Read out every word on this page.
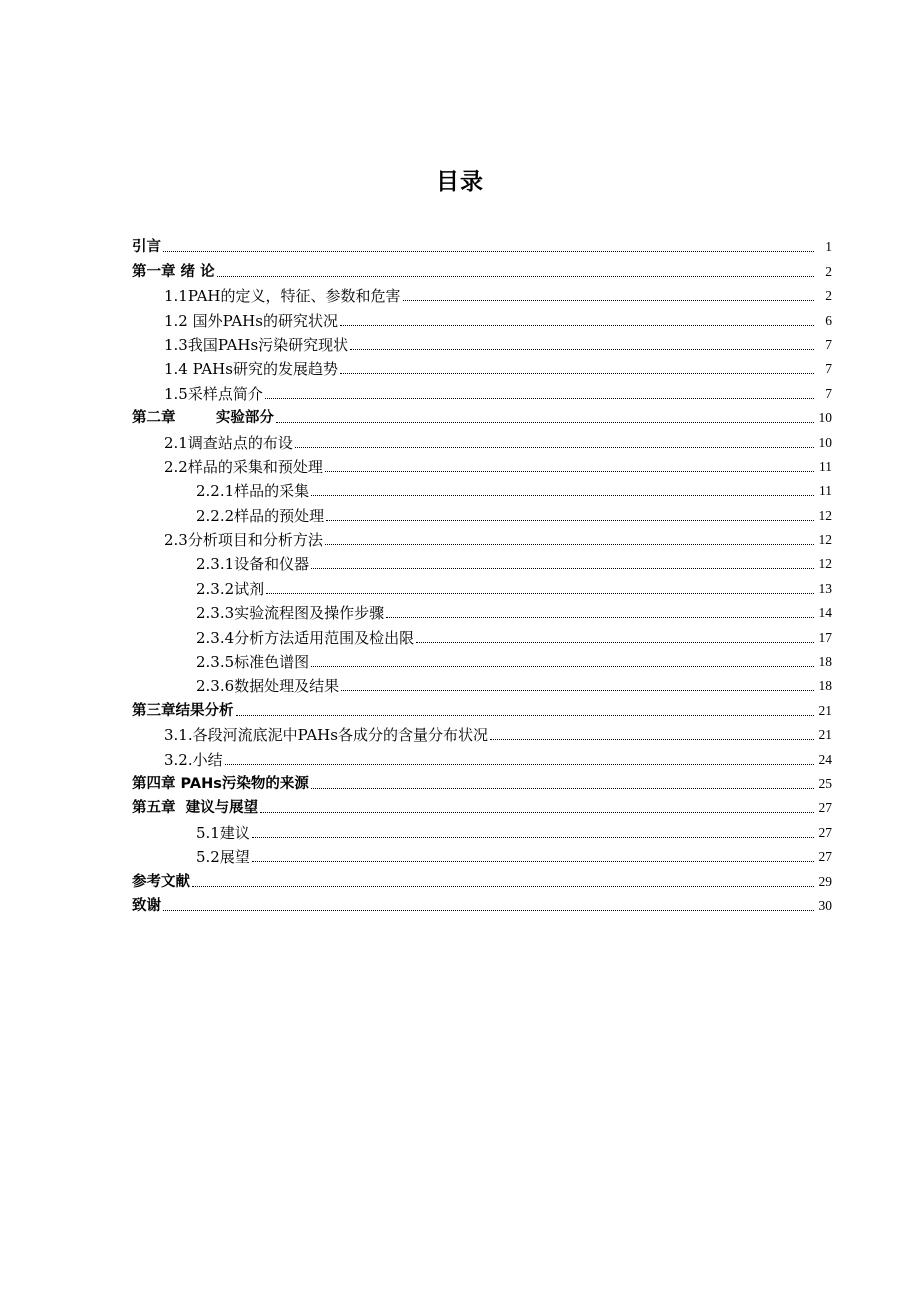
目录
引言	1
第一章 绪 论	2
1.1PAH的定义，特征、参数和危害	2
1.2 国外PAHs的研究状况	6
1.3我国PAHs污染研究现状	7
1.4 PAHs研究的发展趋势	7
1.5采样点简介	7
第二章        实验部分	10
2.1调查站点的布设	10
2.2样品的采集和预处理	11
2.2.1样品的采集	11
2.2.2样品的预处理	12
2.3分析项目和分析方法	12
2.3.1设备和仪器	12
2.3.2试剂	13
2.3.3实验流程图及操作步骤	14
2.3.4分析方法适用范围及检出限	17
2.3.5标准色谱图	18
2.3.6数据处理及结果	18
第三章结果分析	21
3.1.各段河流底泥中PAHs各成分的含量分布状况	21
3.2.小结	24
第四章 PAHs污染物的来源	25
第五章  建议与展望	27
5.1建议	27
5.2展望	27
参考文献	29
致谢	30
